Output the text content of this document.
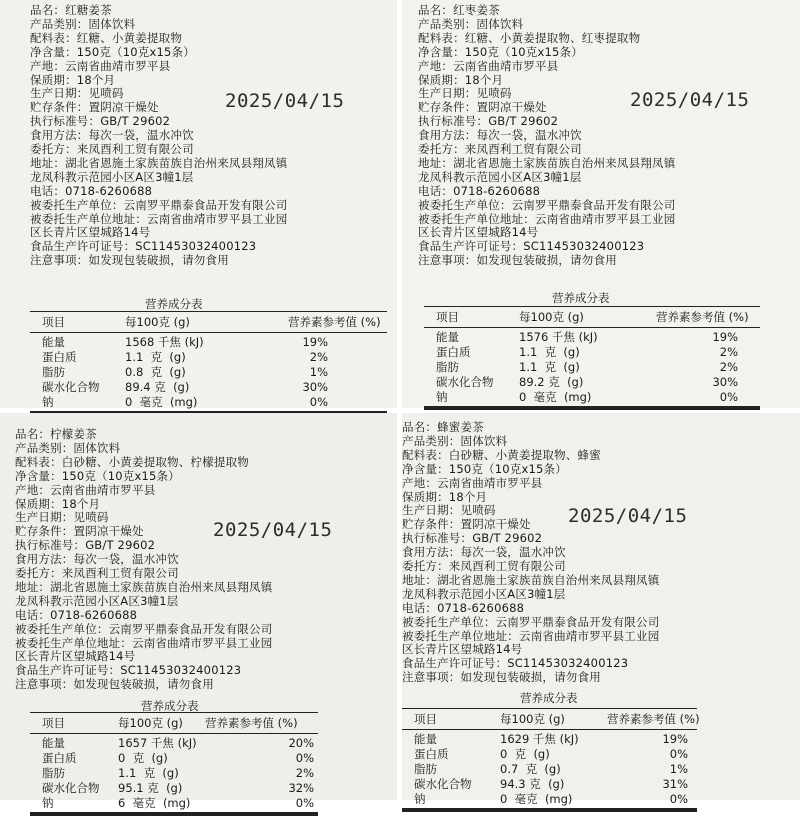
品名：红糖姜茶
产品类别：固体饮料
配料表：红糖、小黄姜提取物
净含量：150克（10克x15条）
产地：云南省曲靖市罗平县
保质期：18个月
生产日期：见喷码
贮存条件：置阴凉干燥处
执行标准号：GB/T 29602
食用方法：每次一袋，温水冲饮
委托方：来凤酉利工贸有限公司
地址：湖北省恩施土家族苗族自治州来凤县翔凤镇
龙凤科教示范园小区A区3幢1层
电话：0718-6260688
被委托生产单位：云南罗平鼎泰食品开发有限公司
被委托生产单位地址：云南省曲靖市罗平县工业园
区长青片区望城路14号
食品生产许可证号：SC11453032400123
注意事项：如发现包装破损，请勿食用
2025/04/15
营养成分表
项目	每100克 (g)	营养素参考值 (%)
能量	1568 千焦 (kJ)	19%
蛋白质	1.1  克  (g)	2%
脂肪	0.8  克  (g)	1%
碳水化合物 89.4 克  (g)	30%
钠	0  毫克  (mg)	0%
品名：红枣姜茶
产品类别：固体饮料
配料表：红糖、小黄姜提取物、红枣提取物
净含量：150克（10克x15条）
产地：云南省曲靖市罗平县
保质期：18个月
生产日期：见喷码
贮存条件：置阴凉干燥处
执行标准号：GB/T 29602
食用方法：每次一袋，温水冲饮
委托方：来凤酉利工贸有限公司
地址：湖北省恩施土家族苗族自治州来凤县翔凤镇
龙凤科教示范园小区A区3幢1层
电话：0718-6260688
被委托生产单位：云南罗平鼎泰食品开发有限公司
被委托生产单位地址：云南省曲靖市罗平县工业园
区长青片区望城路14号
食品生产许可证号：SC11453032400123
注意事项：如发现包装破损，请勿食用
2025/04/15
营养成分表
项目	每100克 (g)	营养素参考值 (%)
能量	1576 千焦 (kJ)	19%
蛋白质	1.1  克  (g)	2%
脂肪	1.1  克  (g)	2%
碳水化合物 89.2 克  (g)	30%
钠	0  毫克  (mg)	0%
品名：柠檬姜茶
产品类别：固体饮料
配料表：白砂糖、小黄姜提取物、柠檬提取物
净含量：150克（10克x15条）
产地：云南省曲靖市罗平县
保质期：18个月
生产日期：见喷码
贮存条件：置阴凉干燥处
执行标准号：GB/T 29602
食用方法：每次一袋，温水冲饮
委托方：来凤酉利工贸有限公司
地址：湖北省恩施土家族苗族自治州来凤县翔凤镇
龙凤科教示范园小区A区3幢1层
电话：0718-6260688
被委托生产单位：云南罗平鼎泰食品开发有限公司
被委托生产单位地址：云南省曲靖市罗平县工业园
区长青片区望城路14号
食品生产许可证号：SC11453032400123
注意事项：如发现包装破损，请勿食用
2025/04/15
营养成分表
项目	每100克 (g) 营养素参考值 (%)
能量	1657 千焦 (kJ)	20%
蛋白质	0  克  (g)	0%
脂肪	1.1  克  (g)	2%
碳水化合物 95.1 克  (g)	32%
钠	6  毫克  (mg)	0%
品名：蜂蜜姜茶
产品类别：固体饮料
配料表：白砂糖、小黄姜提取物、蜂蜜
净含量：150克（10克x15条）
产地：云南省曲靖市罗平县
保质期：18个月
生产日期：见喷码
贮存条件：置阴凉干燥处
执行标准号：GB/T 29602
食用方法：每次一袋，温水冲饮
委托方：来凤酉利工贸有限公司
地址：湖北省恩施土家族苗族自治州来凤县翔凤镇
龙凤科教示范园小区A区3幢1层
电话：0718-6260688
被委托生产单位：云南罗平鼎泰食品开发有限公司
被委托生产单位地址：云南省曲靖市罗平县工业园
区长青片区望城路14号
食品生产许可证号：SC11453032400123
注意事项：如发现包装破损，请勿食用
2025/04/15
营养成分表
项目	每100克 (g)	营养素参考值 (%)
能量	1629 千焦 (kJ)	19%
蛋白质	0  克  (g)	0%
脂肪	0.7  克  (g)	1%
碳水化合物 94.3 克  (g)	31%
钠	0  毫克  (mg)	0%
